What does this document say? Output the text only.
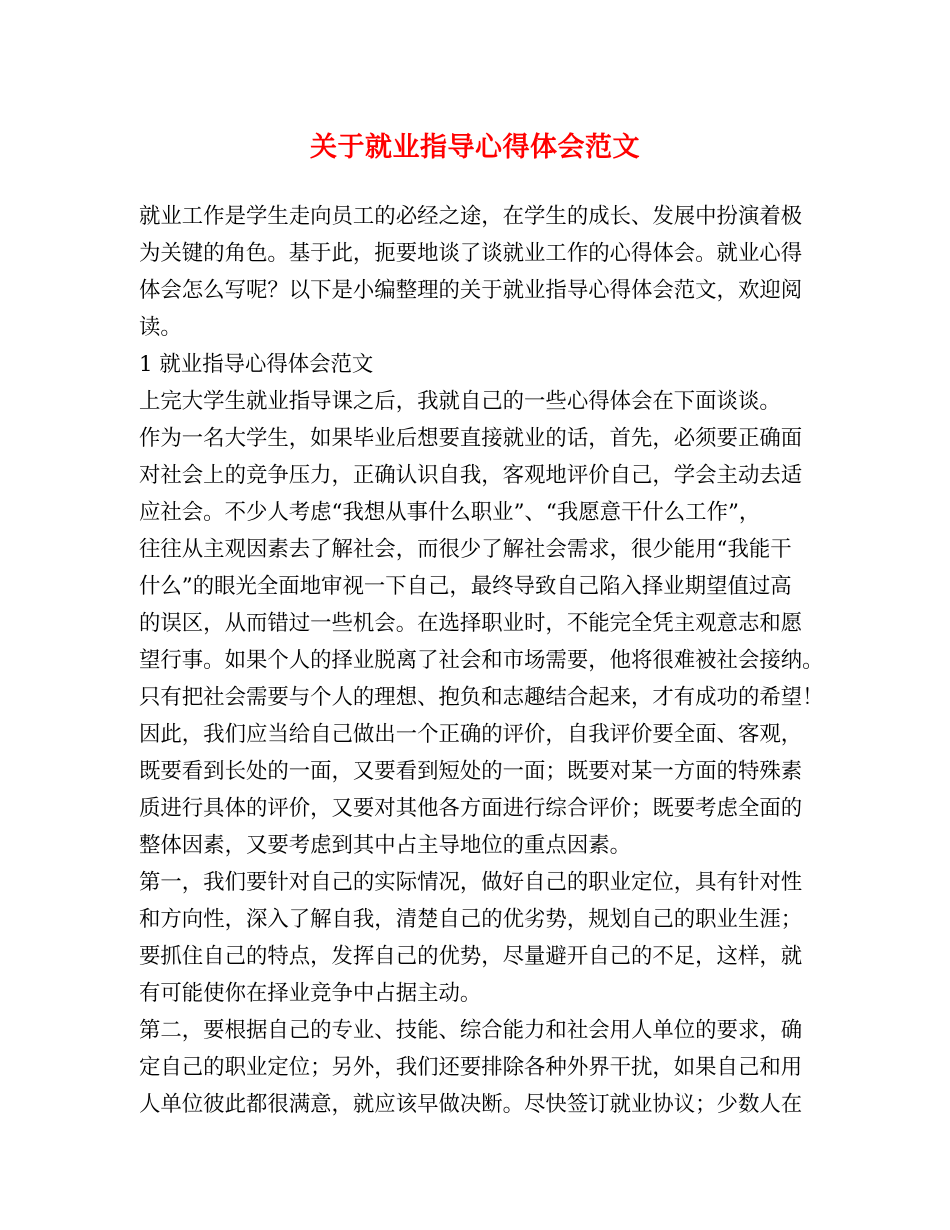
关于就业指导心得体会范文

就业工作是学生走向员工的必经之途，在学生的成长、发展中扮演着极

为关键的角色。基于此，扼要地谈了谈就业工作的心得体会。就业心得

体会怎么写呢？以下是小编整理的关于就业指导心得体会范文，欢迎阅

读。

1 就业指导心得体会范文

上完大学生就业指导课之后，我就自己的一些心得体会在下面谈谈。

作为一名大学生，如果毕业后想要直接就业的话，首先，必须要正确面

对社会上的竞争压力，正确认识自我，客观地评价自己，学会主动去适

应社会。不少人考虑“我想从事什么职业”、“我愿意干什么工作”，

往往从主观因素去了解社会，而很少了解社会需求，很少能用“我能干

什么”的眼光全面地审视一下自己，最终导致自己陷入择业期望值过高

的误区，从而错过一些机会。在选择职业时，不能完全凭主观意志和愿

望行事。如果个人的择业脱离了社会和市场需要，他将很难被社会接纳。

只有把社会需要与个人的理想、抱负和志趣结合起来，才有成功的希望！

因此，我们应当给自己做出一个正确的评价，自我评价要全面、客观，

既要看到长处的一面，又要看到短处的一面；既要对某一方面的特殊素

质进行具体的评价，又要对其他各方面进行综合评价；既要考虑全面的

整体因素，又要考虑到其中占主导地位的重点因素。

第一，我们要针对自己的实际情况，做好自己的职业定位，具有针对性

和方向性，深入了解自我，清楚自己的优劣势，规划自己的职业生涯；

要抓住自己的特点，发挥自己的优势，尽量避开自己的不足，这样，就

有可能使你在择业竞争中占据主动。

第二，要根据自己的专业、技能、综合能力和社会用人单位的要求，确

定自己的职业定位；另外，我们还要排除各种外界干扰，如果自己和用

人单位彼此都很满意，就应该早做决断。尽快签订就业协议；少数人在
